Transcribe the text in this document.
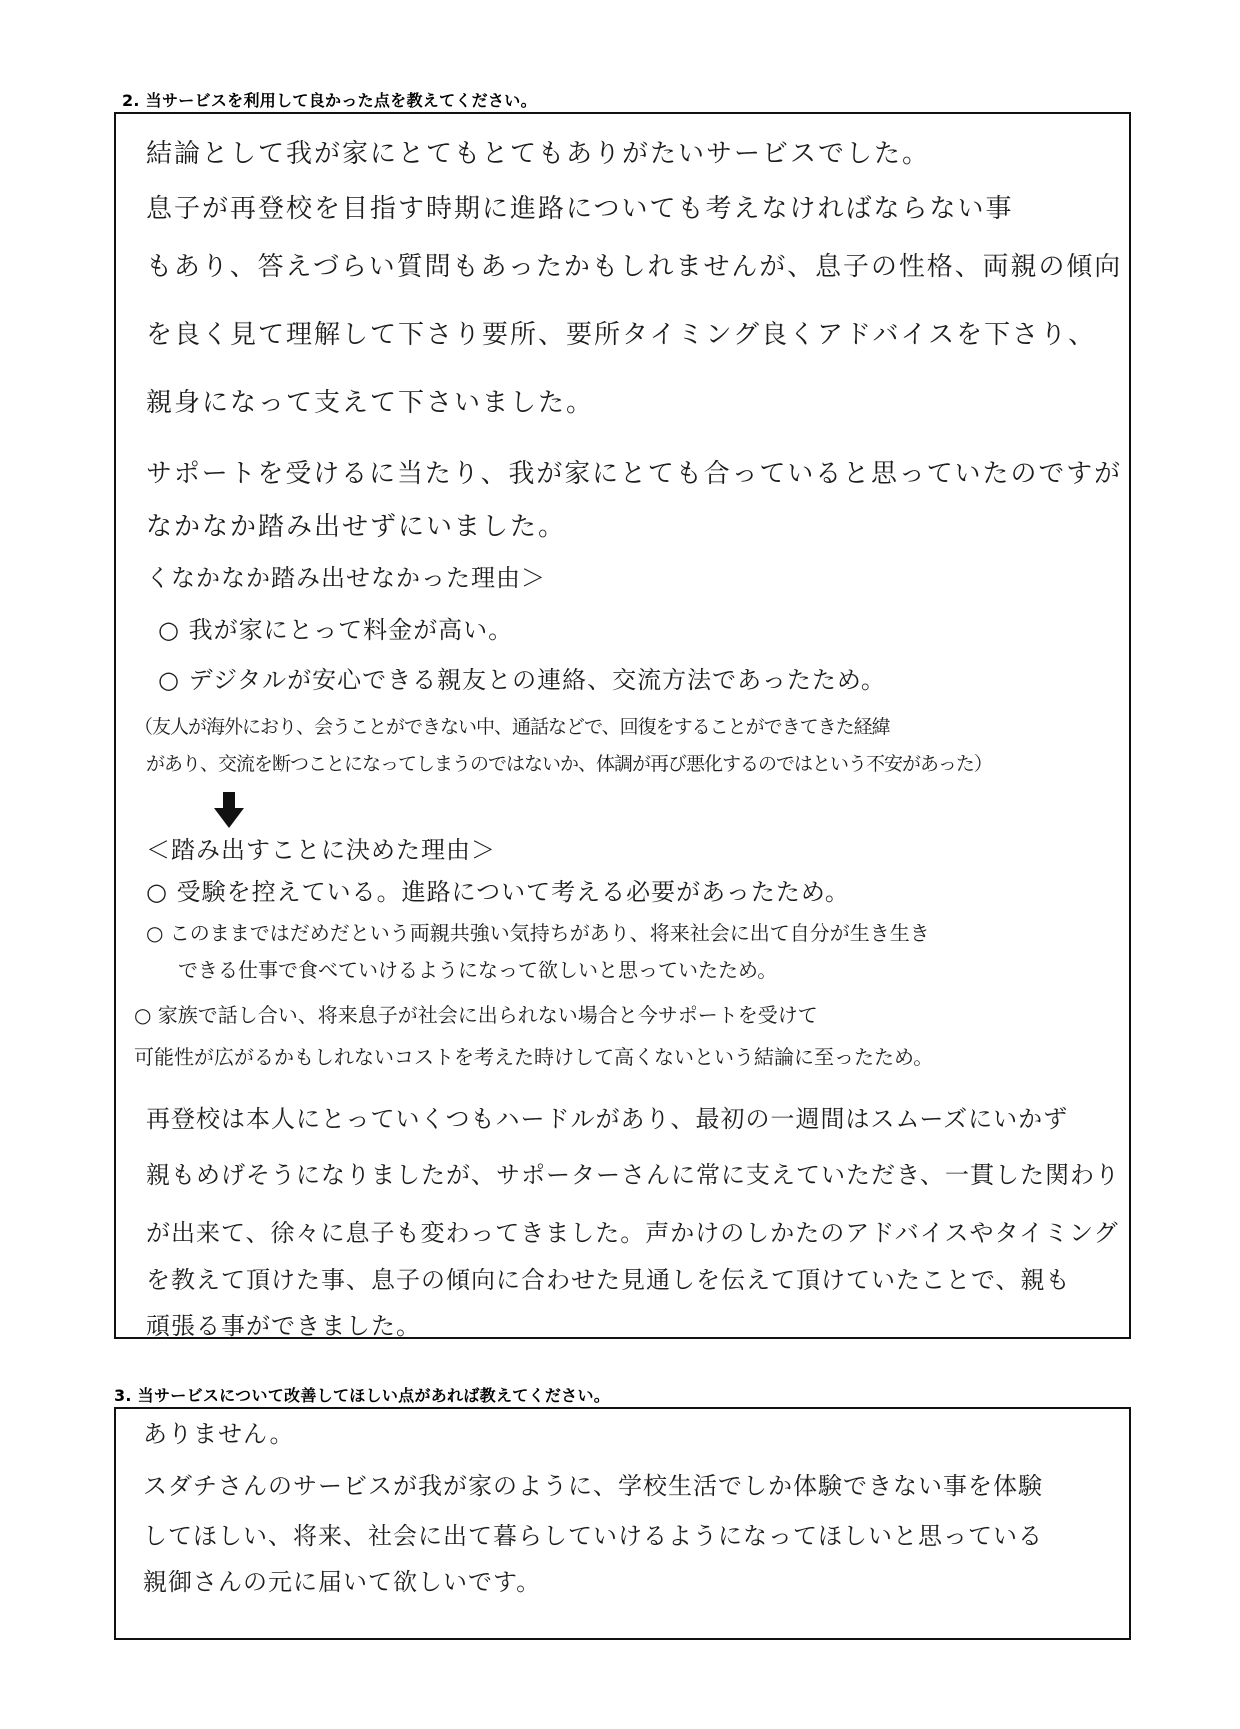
2. 当サービスを利用して良かった点を教えてください。
結論として我が家にとてもとてもありがたいサービスでした。
息子が再登校を目指す時期に進路についても考えなければならない事
もあり、答えづらい質問もあったかもしれませんが、息子の性格、両親の傾向
を良く見て理解して下さり要所、要所タイミング良くアドバイスを下さり、
親身になって支えて下さいました。
サポートを受けるに当たり、我が家にとても合っていると思っていたのですが
なかなか踏み出せずにいました。
くなかなか踏み出せなかった理由＞
○ 我が家にとって料金が高い。
○ デジタルが安心できる親友との連絡、交流方法であったため。
（友人が海外におり、会うことができない中、通話などで、回復をすることができてきた経緯
があり、交流を断つことになってしまうのではないか、体調が再び悪化するのではという不安があった）
＜踏み出すことに決めた理由＞
○ 受験を控えている。進路について考える必要があったため。
○ このままではだめだという両親共強い気持ちがあり、将来社会に出て自分が生き生き
できる仕事で食べていけるようになって欲しいと思っていたため。
○ 家族で話し合い、将来息子が社会に出られない場合と今サポートを受けて
可能性が広がるかもしれないコストを考えた時けして高くないという結論に至ったため。
再登校は本人にとっていくつもハードルがあり、最初の一週間はスムーズにいかず
親もめげそうになりましたが、サポーターさんに常に支えていただき、一貫した関わり
が出来て、徐々に息子も変わってきました。声かけのしかたのアドバイスやタイミング
を教えて頂けた事、息子の傾向に合わせた見通しを伝えて頂けていたことで、親も
頑張る事ができました。
3. 当サービスについて改善してほしい点があれば教えてください。
ありません。
スダチさんのサービスが我が家のように、学校生活でしか体験できない事を体験
してほしい、将来、社会に出て暮らしていけるようになってほしいと思っている
親御さんの元に届いて欲しいです。
